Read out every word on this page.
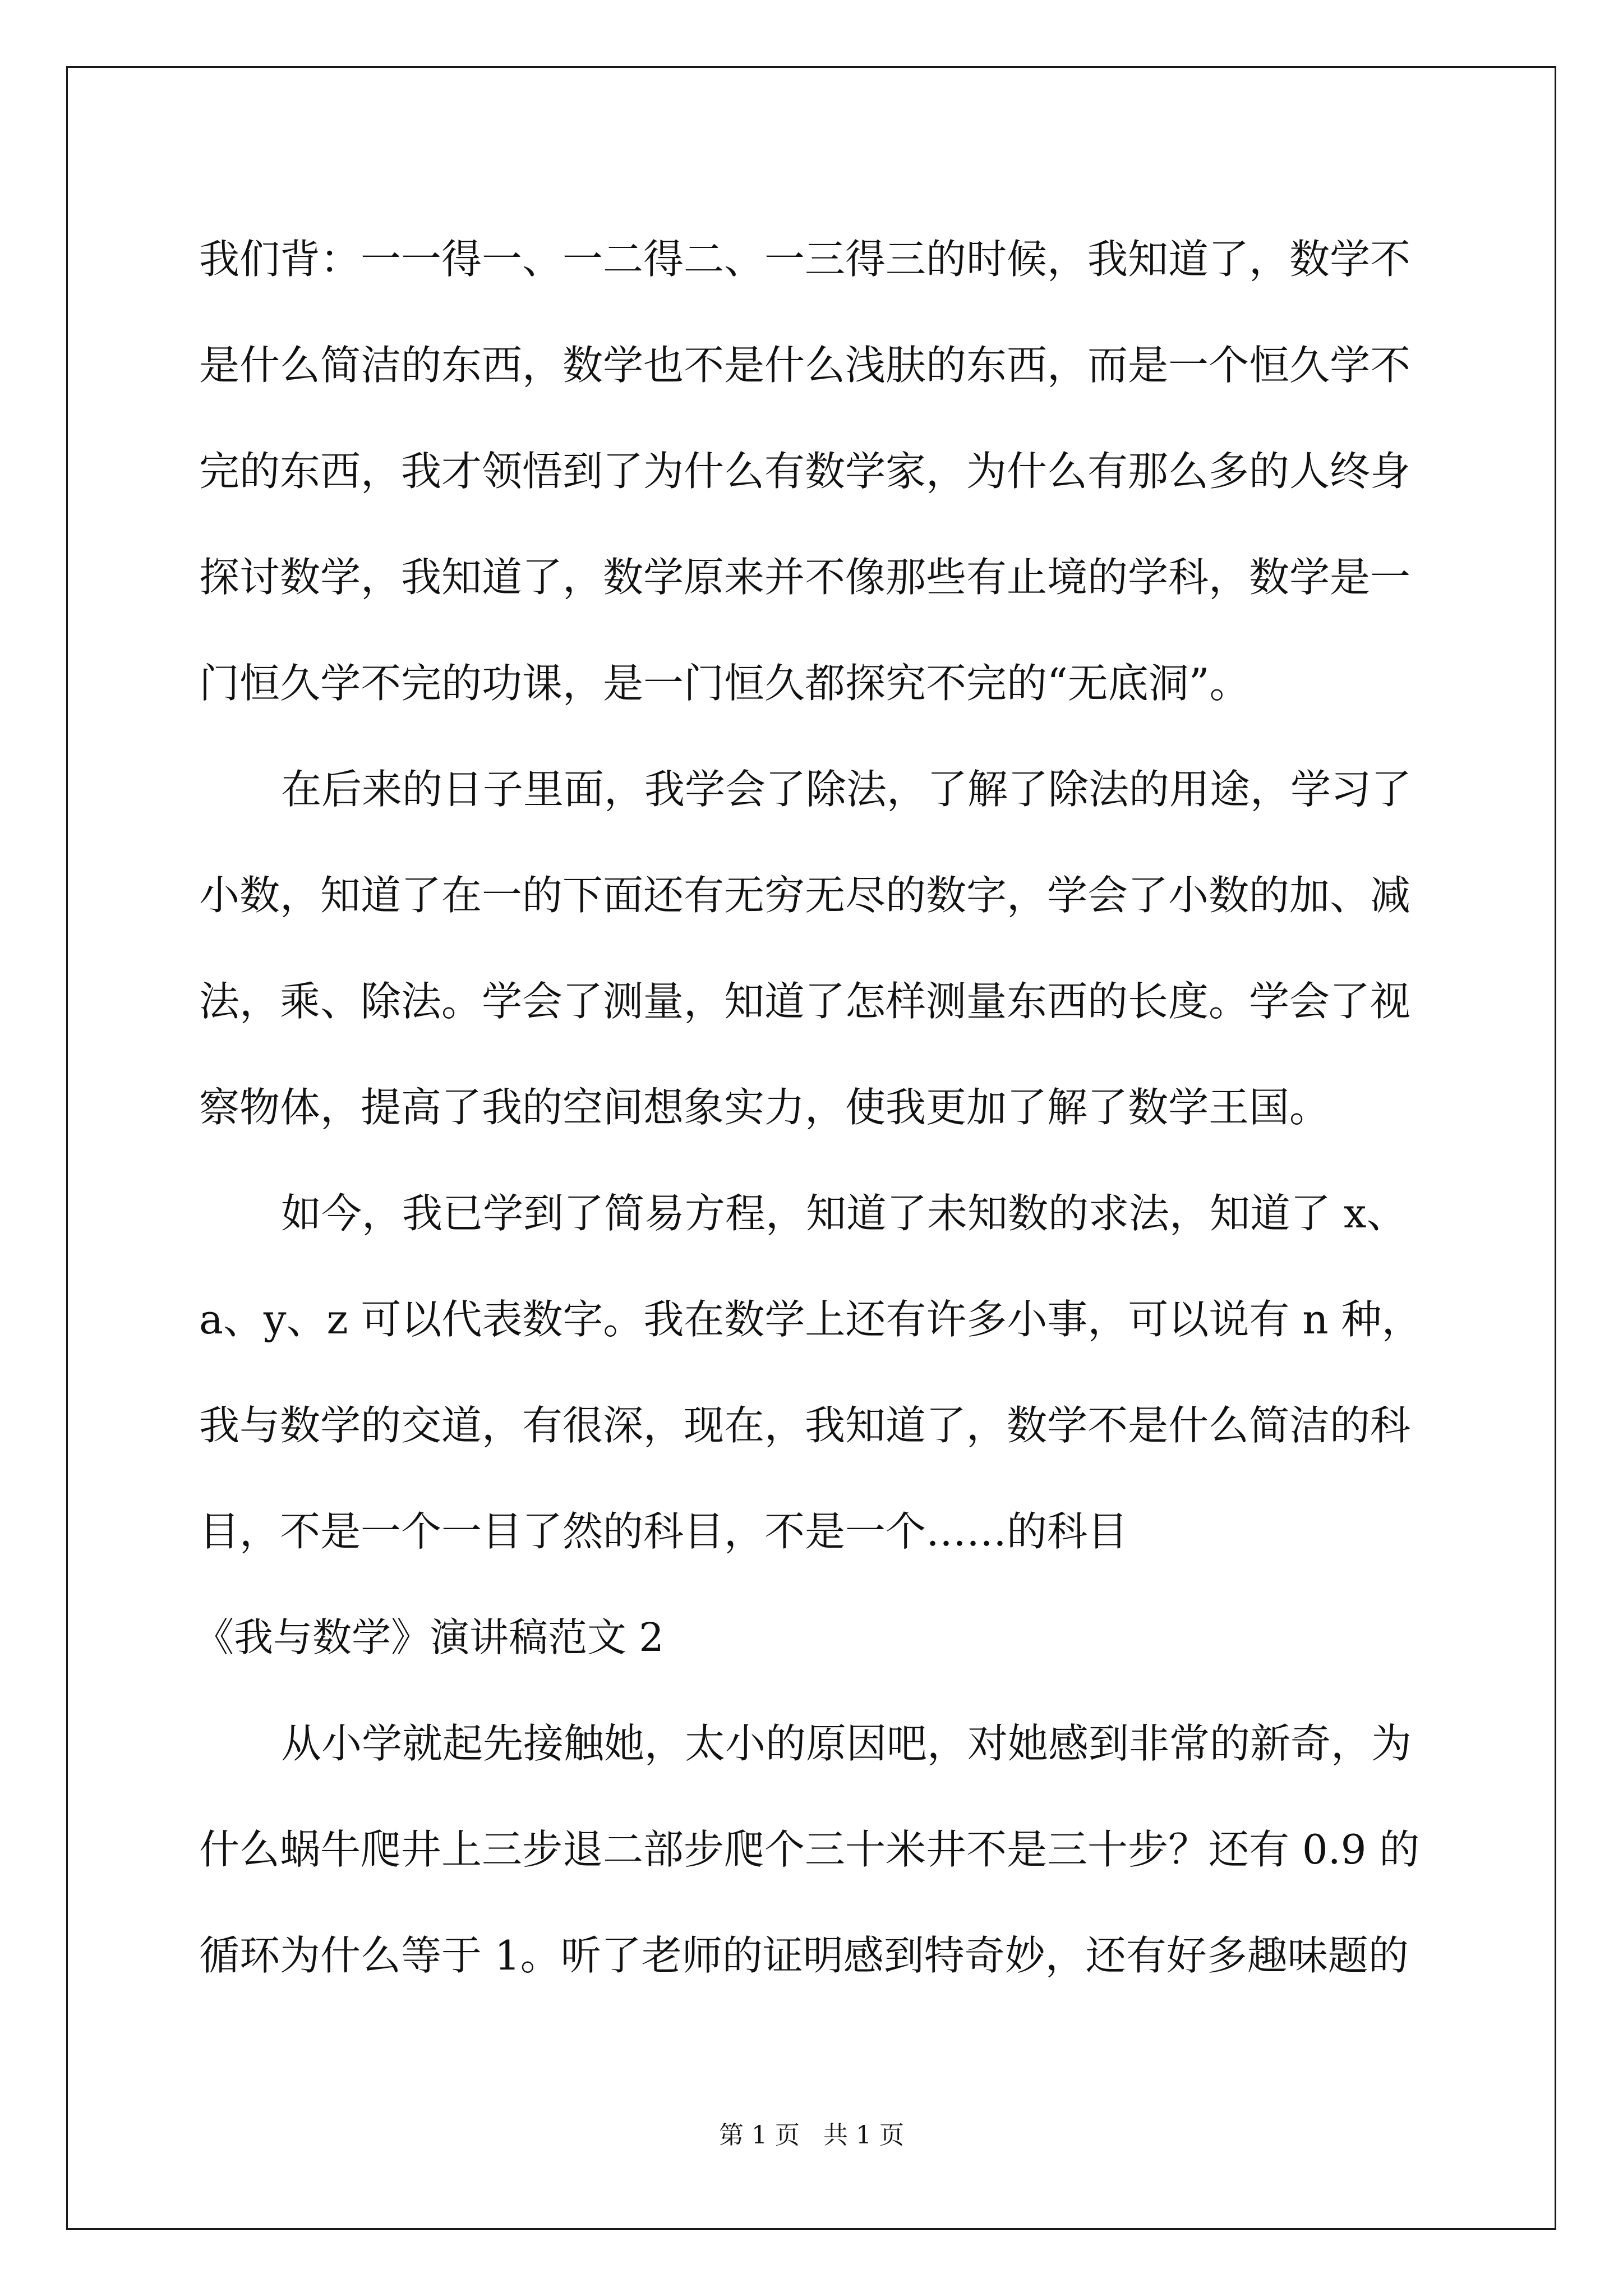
我们背：一一得一、一二得二、一三得三的时候，我知道了，数学不
是什么简洁的东西，数学也不是什么浅肤的东西，而是一个恒久学不
完的东西，我才领悟到了为什么有数学家，为什么有那么多的人终身
探讨数学，我知道了，数学原来并不像那些有止境的学科，数学是一
门恒久学不完的功课，是一门恒久都探究不完的“无底洞”。

在后来的日子里面，我学会了除法，了解了除法的用途，学习了
小数，知道了在一的下面还有无穷无尽的数字，学会了小数的加、减
法，乘、除法。学会了测量，知道了怎样测量东西的长度。学会了视
察物体，提高了我的空间想象实力，使我更加了解了数学王国。

如今，我已学到了简易方程，知道了未知数的求法，知道了 x、
a、y、z 可以代表数字。我在数学上还有许多小事，可以说有 n 种，
我与数学的交道，有很深，现在，我知道了，数学不是什么简洁的科
目，不是一个一目了然的科目，不是一个……的科目

《我与数学》演讲稿范文 2

从小学就起先接触她，太小的原因吧，对她感到非常的新奇，为
什么蜗牛爬井上三步退二部步爬个三十米井不是三十步？还有 0.9 的
循环为什么等于 1。听了老师的证明感到特奇妙，还有好多趣味题的

第 1 页   共 1 页
